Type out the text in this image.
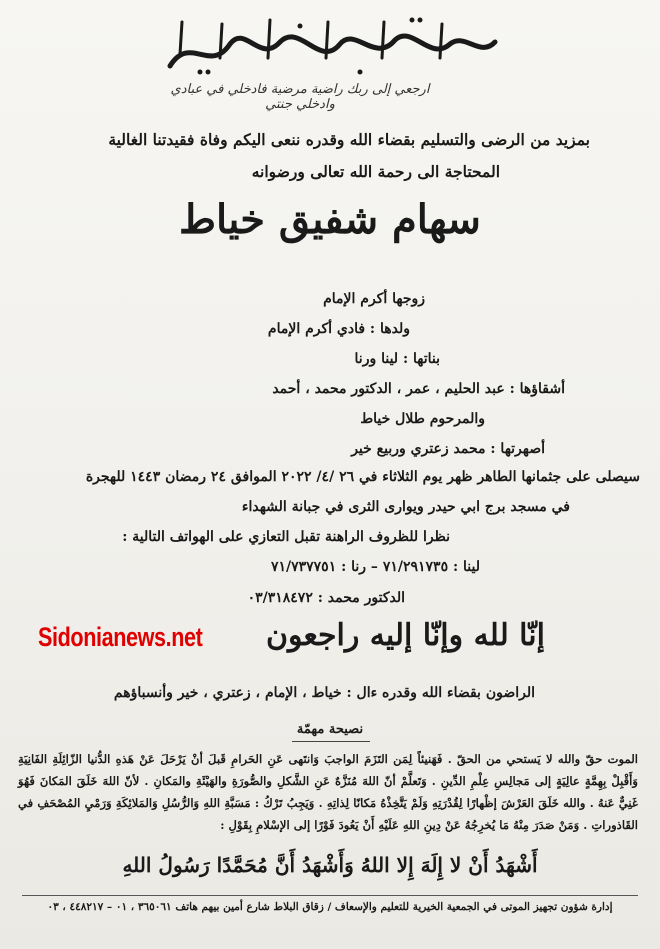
ارجعي إلى ربك راضية مرضية فادخلي في عبادي وادخلي جنتي
بمزيد من الرضى والتسليم بقضاء الله وقدره ننعى اليكم وفاة فقيدتنا الغالية
المحتاجة الى رحمة الله تعالى ورضوانه
سهام شفيق خياط
زوجها أكرم الإمام
ولدها : فادي أكرم الإمام
بناتها : لينا ورنا
أشقاؤها : عبد الحليم ، عمر ، الدكتور محمد ، أحمد
والمرحوم طلال خياط
أصهرتها : محمد زعتري وربيع خير
سيصلى على جثمانها الطاهر ظهر يوم الثلاثاء في ٢٦ /٤/ ٢٠٢٢ الموافق ٢٤ رمضان ١٤٤٣ للهجرة
في مسجد برج ابي حيدر ويوارى الثرى في جبانة الشهداء
نظرا للظروف الراهنة تقبل التعازي على الهواتف التالية :
لينا : ٧١/٢٩١٧٣٥ – رنا : ٧١/٧٣٧٧٥١
الدكتور محمد : ٠٣/٣١٨٤٧٢
Sidonianews.net	إنّا لله وإنّا إليه راجعون
الراضون بقضاء الله وقدره ءال : خياط ، الإمام ، زعتري ، خير وأنسباؤهم
نصيحة مهمّة
الموت حقّ والله لا يَستحي من الحقّ . فَهَنيئاً لِمَن التَزَمَ الواجبَ وَانتَهى عَنِ الحَرامِ قَبلَ أنْ يَرْحَلَ عَنْ هَذهِ الدُّنيا الزّائِلَةِ الفَانِيَةِ وَأَقْبِلْ بِهِمَّةٍ عالِيَةٍ إلى مَجالِسِ عِلْمِ الدِّينِ . وَتَعلَّمْ أنّ اللهَ مُنَزَّهٌ عَنِ الشَّكلِ والصُّورَةِ والهَيْئَةِ والمَكانِ . لأنّ اللهَ خَلَقَ المَكانَ فَهُوَ غَنِيٌّ عَنهُ . والله خَلَقَ العَرْشَ إظْهارًا لِقُدْرَتِهِ وَلَمْ يَتَّخِذْهُ مَكانًا لِذاتِهِ . وَيَجِبُ تَرْكُ : مَسَبَّةِ اللهِ وَالرُّسُلِ وَالمَلائِكَةِ وَرَمْيِ المُصْحَفِ في القَاذوراتِ . وَمَنْ صَدَرَ مِنْهُ مَا يُخرِجُهُ عَنْ دِينِ اللهِ عَلَيْهِ أَنْ يَعُودَ فَوْرًا إلى الإسْلامِ بِقَوْلِ :
أَشْهَدُ أَنْ لا إِلَهَ إِلا اللهُ وَأَشْهَدُ أَنَّ مُحَمَّدًا رَسُولُ اللهِ
إدارة شؤون تجهيز الموتى في الجمعية الخيرية للتعليم والإسعاف / زقاق البلاط شارع أمين بيهم هاتف ٣٦٥٠٦١ ، ٠١ – ٤٤٨٢١٧ ، ٠٣
